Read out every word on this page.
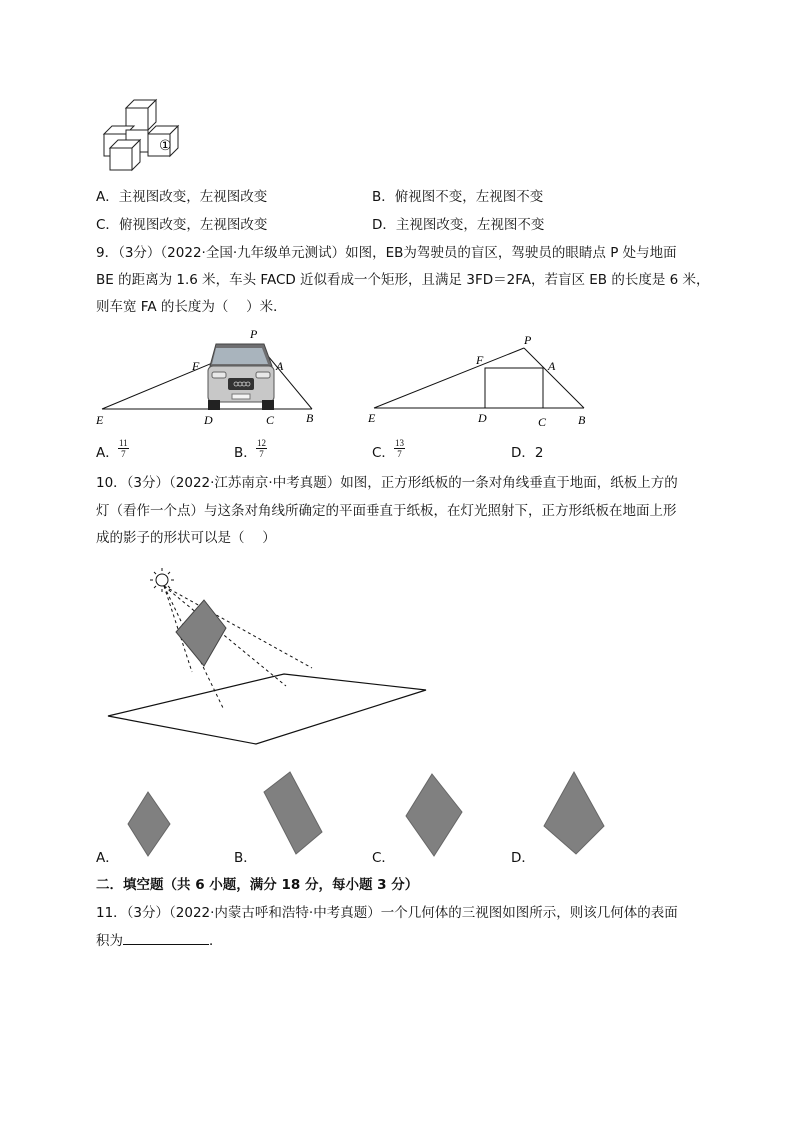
①
A．主视图改变，左视图改变	B．俯视图不变，左视图不变
C．俯视图改变，左视图改变	D．主视图改变，左视图不变
9．（3分）（2022·全国·九年级单元测试）如图，EB为驾驶员的盲区，驾驶员的眼睛点 P 处与地面
BE 的距离为 1.6 米，车头 FACD 近似看成一个矩形，且满足 3FD＝2FA，若盲区 EB 的长度是 6 米，
则车宽 FA 的长度为（　 ）米．
P
F	A
E	D	C	B
P
F	A
E	D	C	B
A． $\frac{11}{7}$	B． $\frac{12}{7}$	C． $\frac{13}{7}$	D．2
10．（3分）（2022·江苏南京·中考真题）如图，正方形纸板的一条对角线垂直于地面，纸板上方的
灯（看作一个点）与这条对角线所确定的平面垂直于纸板，在灯光照射下，正方形纸板在地面上形
成的影子的形状可以是（　 ）
A．	B．	C．	D．
二．填空题（共 6 小题，满分 18 分，每小题 3 分）
11．（3分）（2022·内蒙古呼和浩特·中考真题）一个几何体的三视图如图所示，则该几何体的表面
积为	．
